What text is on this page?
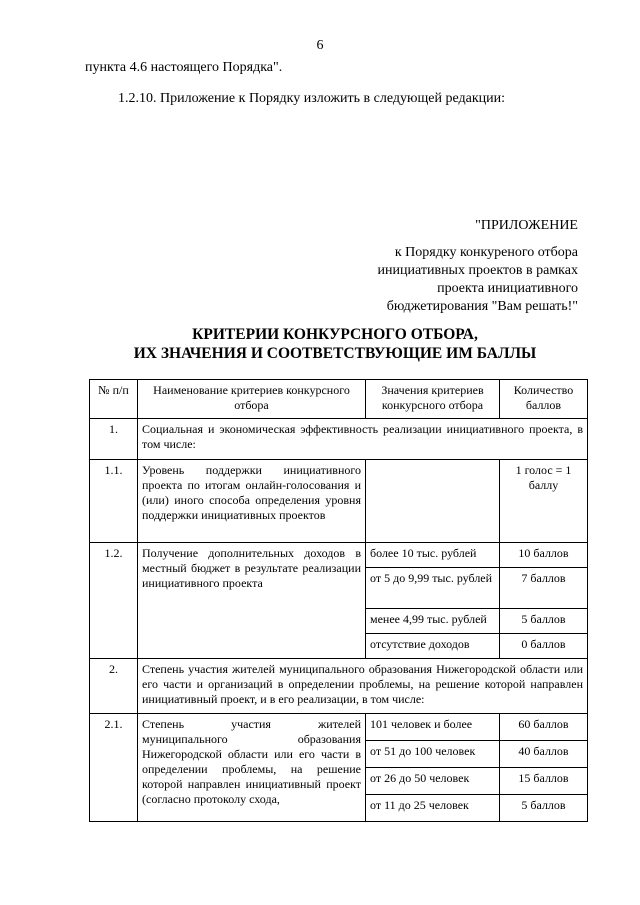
6
пункта 4.6 настоящего Порядка".
1.2.10. Приложение к Порядку изложить в следующей редакции:
"ПРИЛОЖЕНИЕ
к Порядку конкуреного отбора
инициативных проектов в рамках
проекта инициативного
бюджетирования "Вам решать!"
КРИТЕРИИ КОНКУРСНОГО ОТБОРА,
ИХ ЗНАЧЕНИЯ И СООТВЕТСТВУЮЩИЕ ИМ БАЛЛЫ
№ п/п	Наименование критериев конкурсного отбора	Значения критериев конкурсного отбора	Количество баллов
1.	Социальная и экономическая эффективность реализации инициативного проекта, в том числе:		
1.1.	Уровень поддержки инициативного проекта по итогам онлайн-голосования и (или) иного способа определения уровня поддержки инициативных проектов		1 голос = 1 баллу
1.2.	Получение дополнительных доходов в местный бюджет в результате реализации инициативного проекта	более 10 тыс. рублей	10 баллов
		от 5 до 9,99 тыс. рублей	7 баллов
		менее 4,99 тыс. рублей	5 баллов
		отсутствие доходов	0 баллов
2.	Степень участия жителей муниципального образования Нижегородской области или его части и организаций в определении проблемы, на решение которой направлен инициативный проект, и в его реализации, в том числе:		
2.1.	Степень участия жителей муниципального образования Нижегородской области или его части в определении проблемы, на решение которой направлен инициативный проект (согласно протоколу схода,	101 человек и более	60 баллов
		от 51 до 100 человек	40 баллов
		от 26 до 50 человек	15 баллов
		от 11 до 25 человек	5 баллов
